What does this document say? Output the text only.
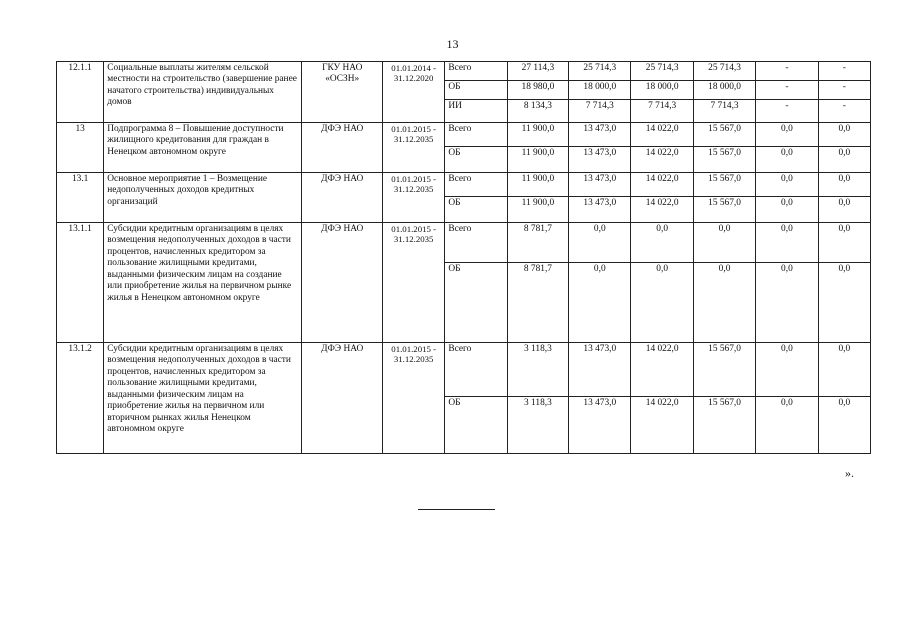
13
12.1.1	Социальные выплаты жителям сельской местности на строительство (завершение ранее начатого строительства) индивидуальных домов	ГКУ НАО «ОСЗН»	01.01.2014 - 31.12.2020	Всего	27 114,3	25 714,3	25 714,3	25 714,3	-	-
				ОБ	18 980,0	18 000,0	18 000,0	18 000,0	-	-
				ИИ	8 134,3	7 714,3	7 714,3	7 714,3	-	-
13	Подпрограмма 8 – Повышение доступности жилищного кредитования для граждан в Ненецком автономном округе	ДФЭ НАО	01.01.2015 - 31.12.2035	Всего	11 900,0	13 473,0	14 022,0	15 567,0	0,0	0,0
				ОБ	11 900,0	13 473,0	14 022,0	15 567,0	0,0	0,0
13.1	Основное мероприятие 1 – Возмещение недополученных доходов кредитных организаций	ДФЭ НАО	01.01.2015 - 31.12.2035	Всего	11 900,0	13 473,0	14 022,0	15 567,0	0,0	0,0
				ОБ	11 900,0	13 473,0	14 022,0	15 567,0	0,0	0,0
13.1.1	Субсидии кредитным организациям в целях возмещения недополученных доходов в части процентов, начисленных кредитором за пользование жилищными кредитами, выданными физическим лицам на создание или приобретение жилья на первичном рынке жилья в Ненецком автономном округе	ДФЭ НАО	01.01.2015 - 31.12.2035	Всего	8 781,7	0,0	0,0	0,0	0,0	0,0
				ОБ	8 781,7	0,0	0,0	0,0	0,0	0,0
13.1.2	Субсидии кредитным организациям в целях возмещения недополученных доходов в части процентов, начисленных кредитором за пользование жилищными кредитами, выданными физическим лицам на приобретение жилья на первичном или вторичном рынках жилья Ненецком автономном округе	ДФЭ НАО	01.01.2015 - 31.12.2035	Всего	3 118,3	13 473,0	14 022,0	15 567,0	0,0	0,0
				ОБ	3 118,3	13 473,0	14 022,0	15 567,0	0,0	0,0
».
